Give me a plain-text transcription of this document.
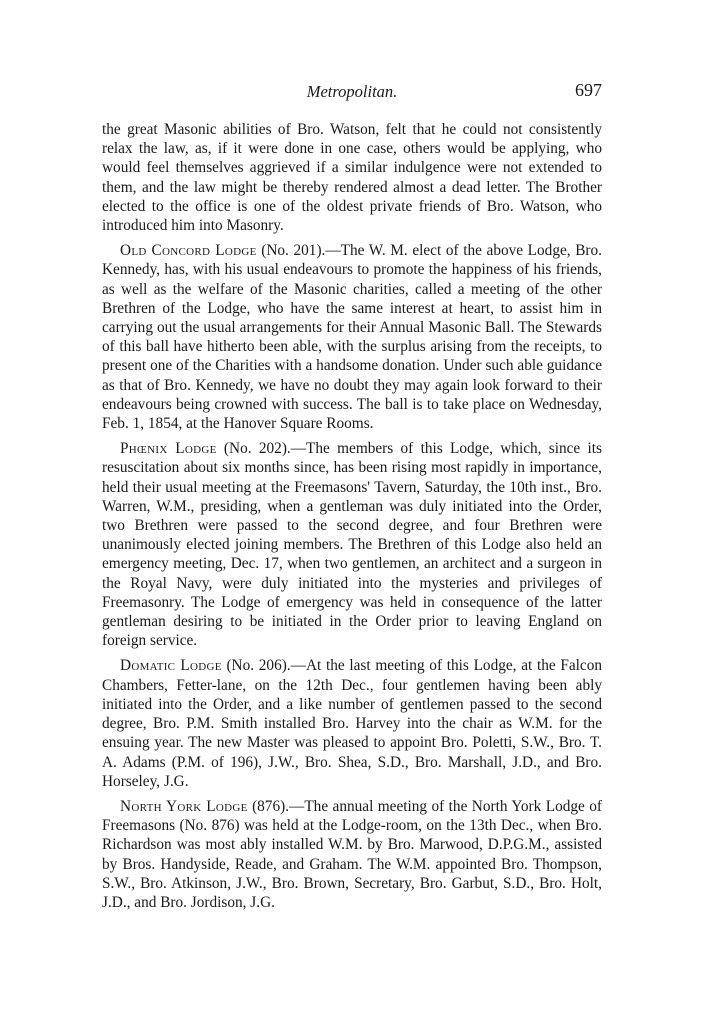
Metropolitan.	697

the great Masonic abilities of Bro. Watson, felt that he could not consistently relax the law, as, if it were done in one case, others would be applying, who would feel themselves aggrieved if a similar indulgence were not extended to them, and the law might be thereby rendered almost a dead letter. The Brother elected to the office is one of the oldest private friends of Bro. Watson, who introduced him into Masonry.

Old Concord Lodge (No. 201).—The W. M. elect of the above Lodge, Bro. Kennedy, has, with his usual endeavours to promote the happiness of his friends, as well as the welfare of the Masonic charities, called a meeting of the other Brethren of the Lodge, who have the same interest at heart, to assist him in carrying out the usual arrangements for their Annual Masonic Ball. The Stewards of this ball have hitherto been able, with the surplus arising from the receipts, to present one of the Charities with a handsome donation. Under such able guidance as that of Bro. Kennedy, we have no doubt they may again look forward to their endeavours being crowned with success. The ball is to take place on Wednesday, Feb. 1, 1854, at the Hanover Square Rooms.

Phœnix Lodge (No. 202).—The members of this Lodge, which, since its resuscitation about six months since, has been rising most rapidly in importance, held their usual meeting at the Freemasons' Tavern, Saturday, the 10th inst., Bro. Warren, W.M., presiding, when a gentleman was duly initiated into the Order, two Brethren were passed to the second degree, and four Brethren were unanimously elected joining members. The Brethren of this Lodge also held an emergency meeting, Dec. 17, when two gentlemen, an architect and a surgeon in the Royal Navy, were duly initiated into the mysteries and privileges of Freemasonry. The Lodge of emergency was held in consequence of the latter gentleman desiring to be initiated in the Order prior to leaving England on foreign service.

Domatic Lodge (No. 206).—At the last meeting of this Lodge, at the Falcon Chambers, Fetter-lane, on the 12th Dec., four gentlemen having been ably initiated into the Order, and a like number of gentlemen passed to the second degree, Bro. P.M. Smith installed Bro. Harvey into the chair as W.M. for the ensuing year. The new Master was pleased to appoint Bro. Poletti, S.W., Bro. T. A. Adams (P.M. of 196), J.W., Bro. Shea, S.D., Bro. Marshall, J.D., and Bro. Horseley, J.G.

North York Lodge (876).—The annual meeting of the North York Lodge of Freemasons (No. 876) was held at the Lodge-room, on the 13th Dec., when Bro. Richardson was most ably installed W.M. by Bro. Marwood, D.P.G.M., assisted by Bros. Handyside, Reade, and Graham. The W.M. appointed Bro. Thompson, S.W., Bro. Atkinson, J.W., Bro. Brown, Secretary, Bro. Garbut, S.D., Bro. Holt, J.D., and Bro. Jordison, J.G.
